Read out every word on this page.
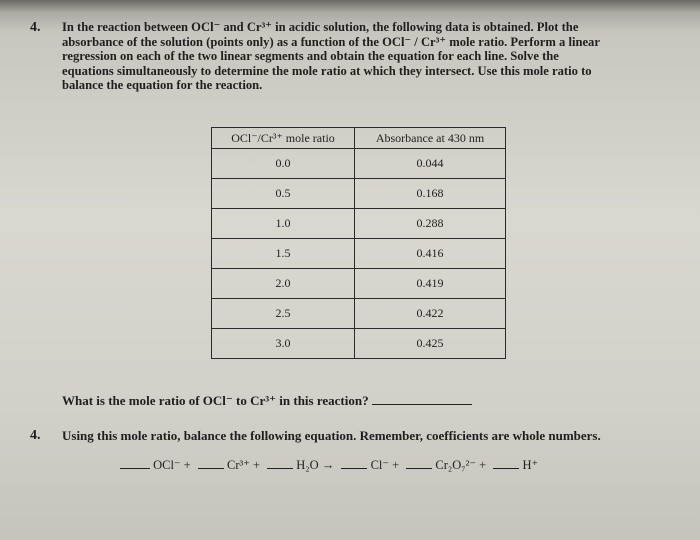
4. In the reaction between OCl⁻ and Cr³⁺ in acidic solution, the following data is obtained. Plot the

absorbance of the solution (points only) as a function of the OCl⁻ / Cr³⁺ mole ratio. Perform a linear

regression on each of the two linear segments and obtain the equation for each line. Solve the

equations simultaneously to determine the mole ratio at which they intersect. Use this mole ratio to

balance the equation for the reaction.

OCl⁻/Cr³⁺ mole ratio	Absorbance at 430 nm
0.0	0.044
0.5	0.168
1.0	0.288
1.5	0.416
2.0	0.419
2.5	0.422
3.0	0.425
What is the mole ratio of OCl⁻ to Cr³⁺ in this reaction?
4. Using this mole ratio, balance the following equation. Remember, coefficients are whole numbers.
OCl⁻ +	Cr³⁺ +	H₂O →	Cl⁻ +	Cr₂O₇²⁻ +	H⁺
